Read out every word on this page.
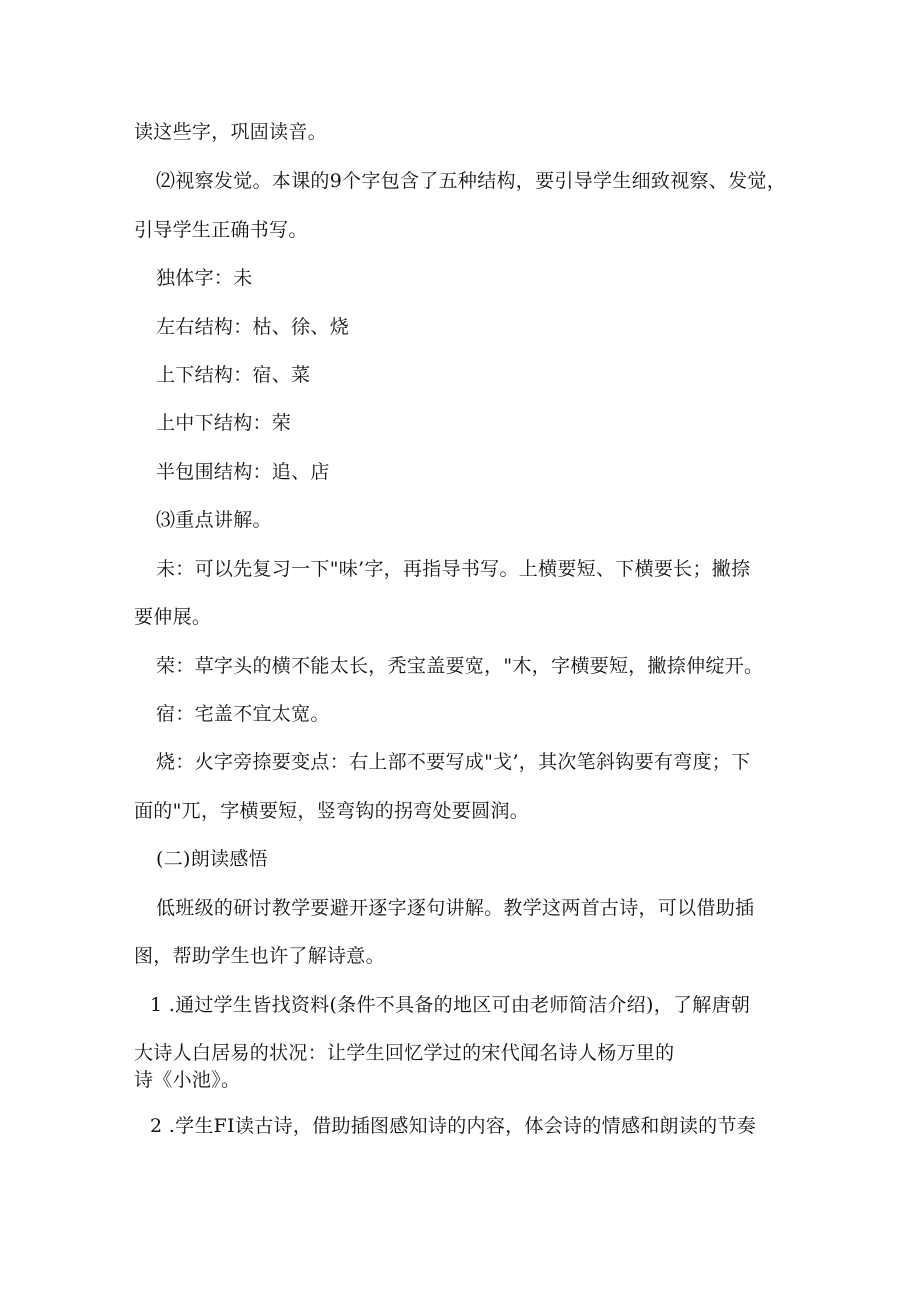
读这些字，巩固读音。
⑵视察发觉。本课的9个字包含了五种结构，要引导学生细致视察、发觉，
引导学生正确书写。
独体字：未
左右结构：枯、徐、烧
上下结构：宿、菜
上中下结构：荣
半包围结构：追、店
⑶重点讲解。
未：可以先复习一下"味’字，再指导书写。上横要短、下横要长；撇捺
要伸展。
荣：草字头的横不能太长，秃宝盖要宽，"木，字横要短，撇捺伸绽开。
宿：宅盖不宜太宽。
烧：火字旁捺要变点：右上部不要写成"戈’，其次笔斜钩要有弯度；下
面的"兀，字横要短，竖弯钩的拐弯处要圆润。
(二)朗读感悟
低班级的研讨教学要避开逐字逐句讲解。教学这两首古诗，可以借助插
图，帮助学生也许了解诗意。
1 .通过学生皆找资料(条件不具备的地区可由老师简洁介绍)，了解唐朝
大诗人白居易的状况：让学生回忆学过的宋代闻名诗人杨万里的
诗《小池》。
2 .学生FI读古诗，借助插图感知诗的内容，体会诗的情感和朗读的节奏
